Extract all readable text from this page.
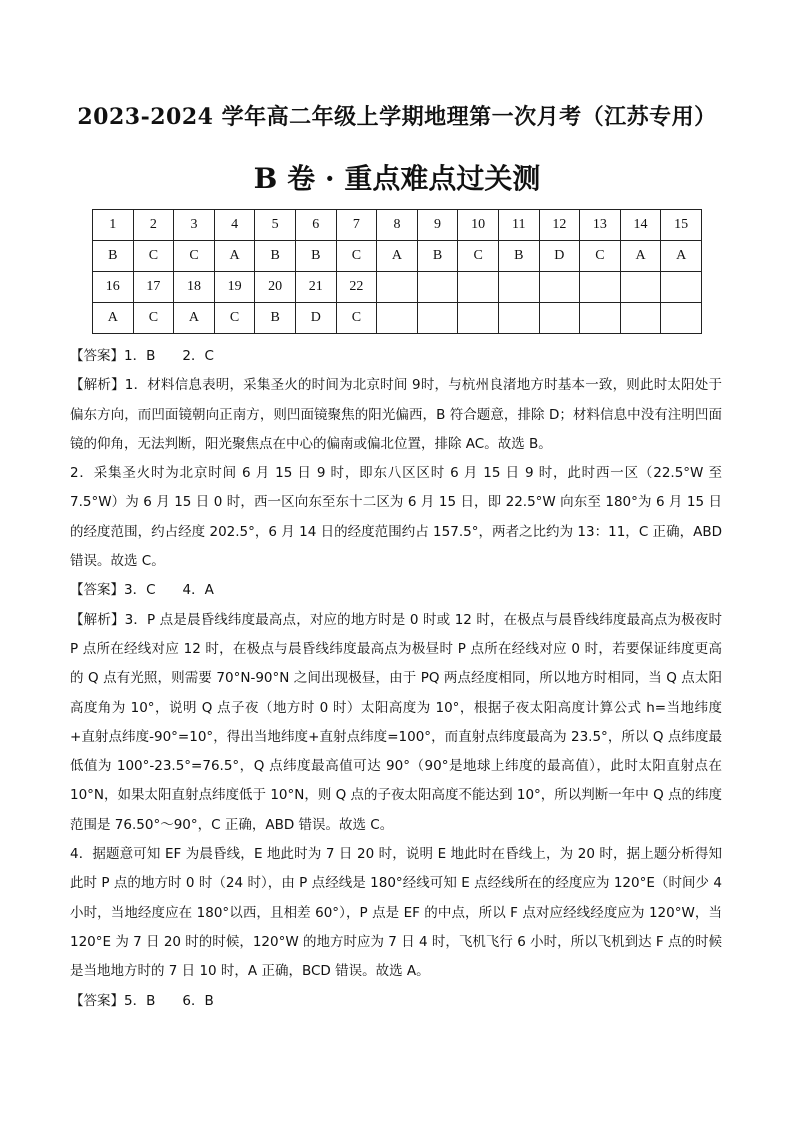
2023-2024 学年高二年级上学期地理第一次月考（江苏专用）
B 卷 · 重点难点过关测
1	2	3	4	5	6	7	8	9	10	11	12	13	14	15
B	C	C	A	B	B	C	A	B	C	B	D	C	A	A
16	17	18	19	20	21	22								
A	C	A	C	B	D	C								

【答案】1．B　　2．C

【解析】1．材料信息表明，采集圣火的时间为北京时间 9时，与杭州良渚地方时基本一致，则此时太阳处于偏东方向，而凹面镜朝向正南方，则凹面镜聚焦的阳光偏西，B 符合题意，排除 D；材料信息中没有注明凹面镜的仰角，无法判断，阳光聚焦点在中心的偏南或偏北位置，排除 AC。故选 B。

2．采集圣火时为北京时间 6 月 15 日 9 时，即东八区区时 6 月 15 日 9 时，此时西一区（22.5°W 至 7.5°W）为 6 月 15 日 0 时，西一区向东至东十二区为 6 月 15 日，即 22.5°W 向东至 180°为 6 月 15 日的经度范围，约占经度 202.5°，6 月 14 日的经度范围约占 157.5°，两者之比约为 13：11，C 正确，ABD 错误。故选 C。

【答案】3．C　　4．A

【解析】3．P 点是晨昏线纬度最高点，对应的地方时是 0 时或 12 时，在极点与晨昏线纬度最高点为极夜时 P 点所在经线对应 12 时，在极点与晨昏线纬度最高点为极昼时 P 点所在经线对应 0 时，若要保证纬度更高的 Q 点有光照，则需要 70°N-90°N 之间出现极昼，由于 PQ 两点经度相同，所以地方时相同，当 Q 点太阳高度角为 10°，说明 Q 点子夜（地方时 0 时）太阳高度为 10°，根据子夜太阳高度计算公式 h=当地纬度+直射点纬度-90°=10°，得出当地纬度+直射点纬度=100°，而直射点纬度最高为 23.5°，所以 Q 点纬度最低值为 100°-23.5°=76.5°，Q 点纬度最高值可达 90°（90°是地球上纬度的最高值），此时太阳直射点在 10°N，如果太阳直射点纬度低于 10°N，则 Q 点的子夜太阳高度不能达到 10°，所以判断一年中 Q 点的纬度范围是 76.50°～90°，C 正确，ABD 错误。故选 C。

4．据题意可知 EF 为晨昏线，E 地此时为 7 日 20 时，说明 E 地此时在昏线上，为 20 时，据上题分析得知此时 P 点的地方时 0 时（24 时），由 P 点经线是 180°经线可知 E 点经线所在的经度应为 120°E（时间少 4 小时，当地经度应在 180°以西，且相差 60°），P 点是 EF 的中点，所以 F 点对应经线经度应为 120°W，当 120°E 为 7 日 20 时的时候，120°W 的地方时应为 7 日 4 时，飞机飞行 6 小时，所以飞机到达 F 点的时候是当地地方时的 7 日 10 时，A 正确，BCD 错误。故选 A。

【答案】5．B　　6．B
